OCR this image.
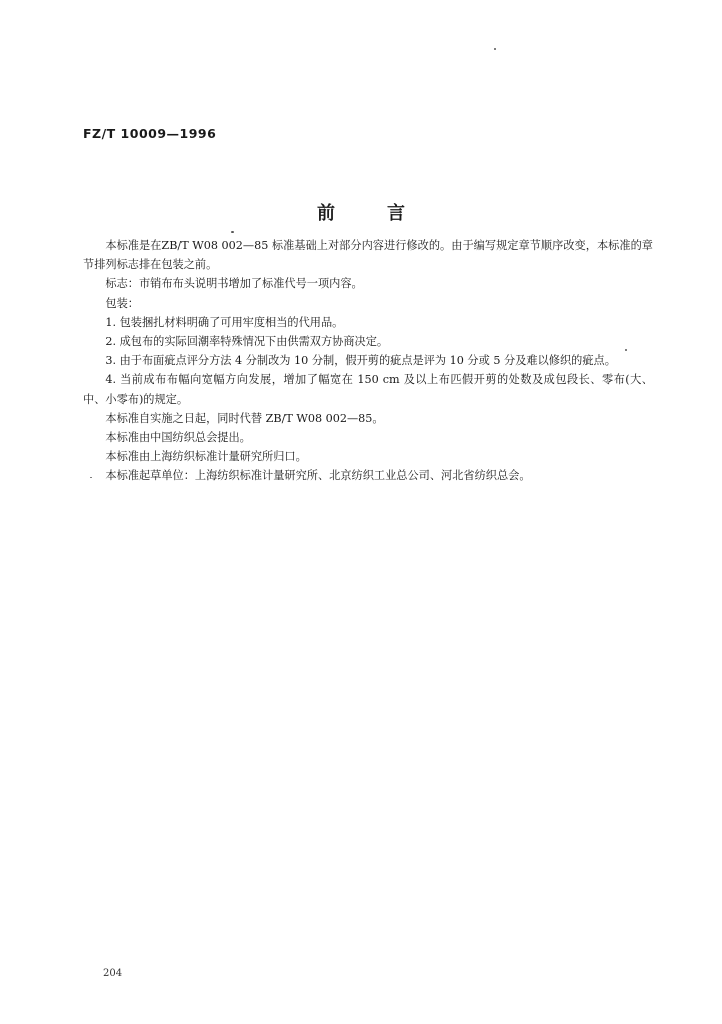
FZ/T 10009—1996
前言

本标准是在ZB/T W08 002—85 标准基础上对部分内容进行修改的。由于编写规定章节顺序改变，本标准的章节排列标志排在包装之前。

标志：市销布布头说明书增加了标准代号一项内容。

包装：

1. 包装捆扎材料明确了可用牢度相当的代用品。

2. 成包布的实际回潮率特殊情况下由供需双方协商决定。

3. 由于布面疵点评分方法 4 分制改为 10 分制，假开剪的疵点是评为 10 分或 5 分及难以修织的疵点。

4. 当前成布布幅向宽幅方向发展，增加了幅宽在 150 cm 及以上布匹假开剪的处数及成包段长、零布(大、中、小零布)的规定。

本标准自实施之日起，同时代替 ZB/T W08 002—85。

本标准由中国纺织总会提出。

本标准由上海纺织标准计量研究所归口。

本标准起草单位：上海纺织标准计量研究所、北京纺织工业总公司、河北省纺织总会。

204
